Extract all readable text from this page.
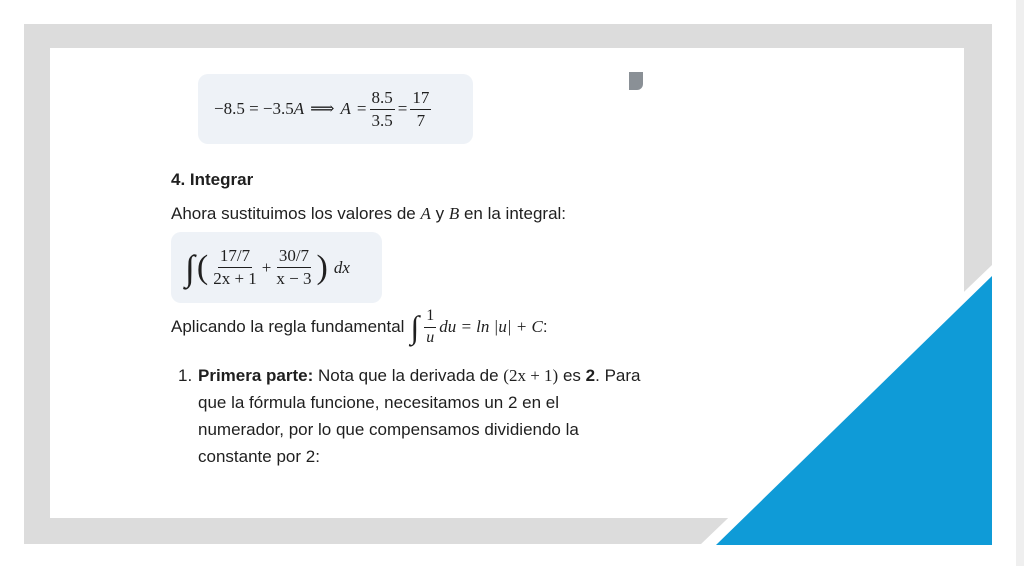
−8.5 = −3.5 A ⟹ $A = \frac{8.5}{3.5} = \frac{17}{7}$
4. Integrar
Ahora sustituimos los valores de A y B en la integral:
∫ ( $\frac{17/7}{2x + 1} + \frac{30/7}{x - 3}$ ) dx
Aplicando la regla fundamental ∫ $\frac{1}{u}$ du = ln |u| + C :
1. Primera parte: Nota que la derivada de (2x + 1) es 2. Para que la fórmula funcione, necesitamos un 2 en el numerador, por lo que compensamos dividiendo la constante por 2:
